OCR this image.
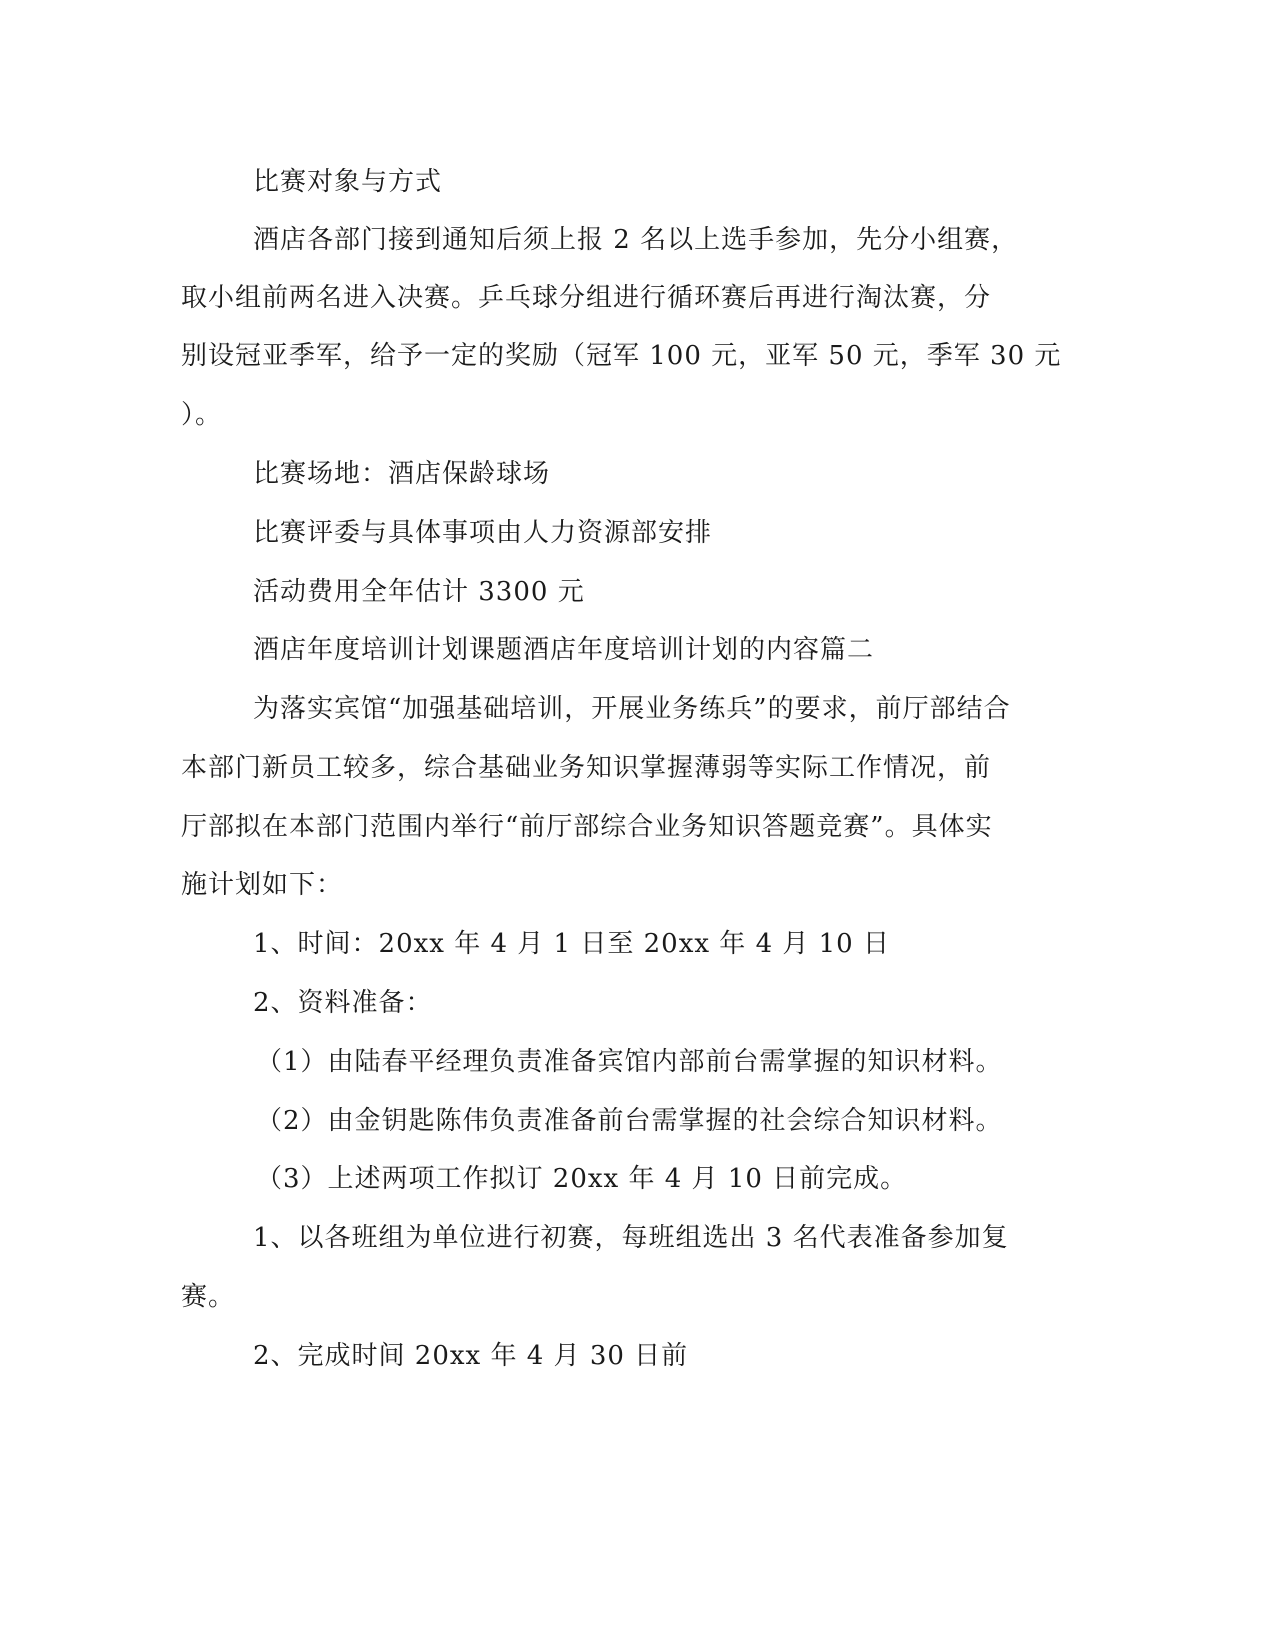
比赛对象与方式
酒店各部门接到通知后须上报 2 名以上选手参加，先分小组赛，
取小组前两名进入决赛。乒乓球分组进行循环赛后再进行淘汰赛，分
别设冠亚季军，给予一定的奖励（冠军 100 元，亚军 50 元，季军 30 元
）。
比赛场地：酒店保龄球场
比赛评委与具体事项由人力资源部安排
活动费用全年估计 3300 元
酒店年度培训计划课题酒店年度培训计划的内容篇二
为落实宾馆“加强基础培训，开展业务练兵”的要求，前厅部结合
本部门新员工较多，综合基础业务知识掌握薄弱等实际工作情况，前
厅部拟在本部门范围内举行“前厅部综合业务知识答题竞赛”。具体实
施计划如下：
1、时间：20xx 年 4 月 1 日至 20xx 年 4 月 10 日
2、资料准备：
（1）由陆春平经理负责准备宾馆内部前台需掌握的知识材料。
（2）由金钥匙陈伟负责准备前台需掌握的社会综合知识材料。
（3）上述两项工作拟订 20xx 年 4 月 10 日前完成。
1、以各班组为单位进行初赛，每班组选出 3 名代表准备参加复
赛。
2、完成时间 20xx 年 4 月 30 日前
